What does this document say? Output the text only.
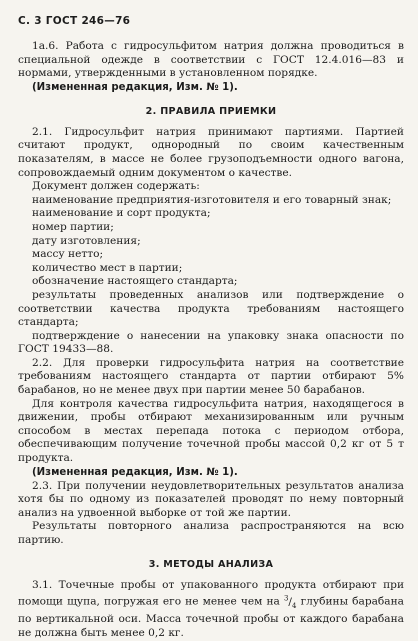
С. 3 ГОСТ 246—76

1а.6. Работа с гидросульфитом натрия должна проводиться в специальной одежде в соответствии с ГОСТ 12.4.016—83 и нормами, утвержденными в установленном порядке.

(Измененная редакция, Изм. № 1).
2. ПРАВИЛА ПРИЕМКИ

2.1. Гидросульфит натрия принимают партиями. Партией считают продукт, однородный по своим качественным показателям, в массе не более грузоподъемности одного вагона, сопровождаемый одним документом о качестве.

Документ должен содержать:

наименование предприятия-изготовителя и его товарный знак;
наименование и сорт продукта;
номер партии;
дату изготовления;
массу нетто;
количество мест в партии;
обозначение настоящего стандарта;

результаты проведенных анализов или подтверждение о соответствии качества продукта требованиям настоящего стандарта;

подтверждение о нанесении на упаковку знака опасности по ГОСТ 19433—88.

2.2. Для проверки гидросульфита натрия на соответствие требованиям настоящего стандарта от партии отбирают 5% барабанов, но не менее двух при партии менее 50 барабанов.

Для контроля качества гидросульфита натрия, находящегося в движении, пробы отбирают механизированным или ручным способом в местах перепада потока с периодом отбора, обеспечивающим получение точечной пробы массой 0,2 кг от 5 т продукта.

(Измененная редакция, Изм. № 1).

2.3. При получении неудовлетворительных результатов анализа хотя бы по одному из показателей проводят по нему повторный анализ на удвоенной выборке от той же партии.

Результаты повторного анализа распространяются на всю партию.

3. МЕТОДЫ АНАЛИЗА

3.1. Точечные пробы от упакованного продукта отбирают при помощи щупа, погружая его не менее чем на $^3/_4$ глубины барабана по вертикальной оси. Масса точечной пробы от каждого барабана не должна быть менее 0,2 кг.
